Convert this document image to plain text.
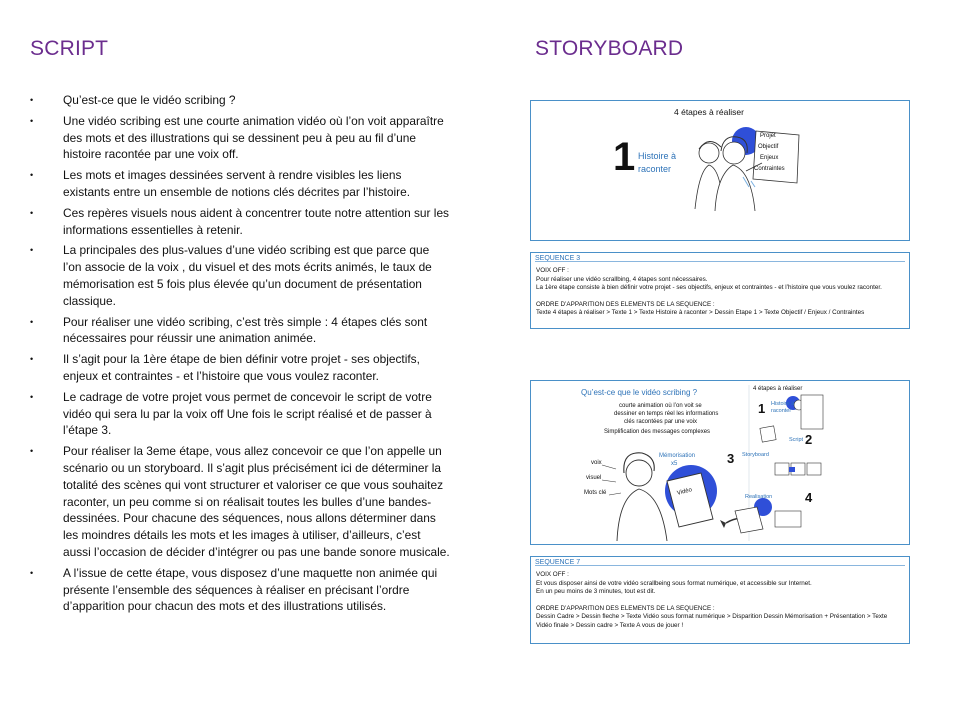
SCRIPT	STORYBOARD
•	Qu’est-ce que le vidéo scribing ?
•	Une vidéo scribing est une courte animation vidéo où l’on voit apparaître des mots et des illustrations qui se dessinent peu à peu au fil d’une histoire racontée par une voix off.
•	Les mots et images dessinées servent à rendre visibles les liens existants entre un ensemble de notions clés décrites par l’histoire.
•	Ces repères visuels nous aident à concentrer toute notre attention sur les informations essentielles à retenir.
•	La principales des plus-values d’une vidéo scribing est que parce que l’on associe de la voix , du visuel et des mots écrits animés, le taux de mémorisation est 5 fois plus élevée qu’un document de présentation classique.
•	Pour réaliser une vidéo scribing, c’est très simple : 4 étapes clés sont nécessaires pour réussir une animation animée.
•	Il s’agit pour la 1ère étape de bien définir votre projet - ses objectifs, enjeux et contraintes - et l’histoire que vous voulez raconter.
•	Le cadrage de votre projet vous permet de concevoir le script de votre vidéo qui sera lu par la voix off Une fois le script réalisé et de passer à l’étape 3.
•	Pour réaliser la 3eme étape, vous allez concevoir ce que l’on appelle un scénario ou un storyboard. Il s’agit plus précisément ici de déterminer la totalité des scènes qui vont structurer et valoriser ce que vous souhaitez raconter, un peu comme si on réalisait toutes les bulles d’une bandes-dessinées. Pour chacune des séquences, nous allons déterminer dans les moindres détails les mots et les images à utiliser, d’ailleurs, c’est aussi l’occasion de décider d’intégrer ou pas une bande sonore musicale.
•	A l’issue de cette étape, vous disposez d’une maquette non animée qui présente l’ensemble des séquences à réaliser en précisant l’ordre d’apparition pour chacun des mots et des illustrations utilisés.
4 étapes à réaliser
1 Histoire à
raconter
Projet
Objectif
Enjeux
Contraintes
SEQUENCE 3
VOIX OFF :
Pour réaliser une vidéo scrallbing, 4 étapes sont nécessaires.
La 1ère étape consiste à bien définir votre projet - ses objectifs, enjeux et contraintes - et l’histoire que vous voulez raconter.
ORDRE D’APPARITION DES ELEMENTS DE LA SEQUENCE :
Texte 4 étapes à réaliser > Texte 1 > Texte Histoire à raconter > Dessin Etape 1 > Texte Objectif / Enjeux / Contraintes
Qu’est-ce que le vidéo scribing ?
courte animation où l’on voit se
dessiner en temps réel les informations
clés racontées par une voix
Simplification des messages complexes
Mémorisation
x5
voix
visuel
Mots clé	Vidéo
4 étapes à réaliser
1 Histoire à
raconter
Script 2
3 Storyboard
Realisation	4
SEQUENCE 7
VOIX OFF :
Et vous disposer ainsi de votre vidéo scrallbeing sous format numérique, et accessible sur Internet.
En un peu moins de 3 minutes, tout est dit.
ORDRE D’APPARITION DES ELEMENTS DE LA SEQUENCE :
Dessin Cadre > Dessin fleche > Texte Vidéo sous format numérique > Disparition Dessin Mémorisation + Présentation > Texte
Vidéo finale > Dessin cadre > Texte A vous de jouer !
